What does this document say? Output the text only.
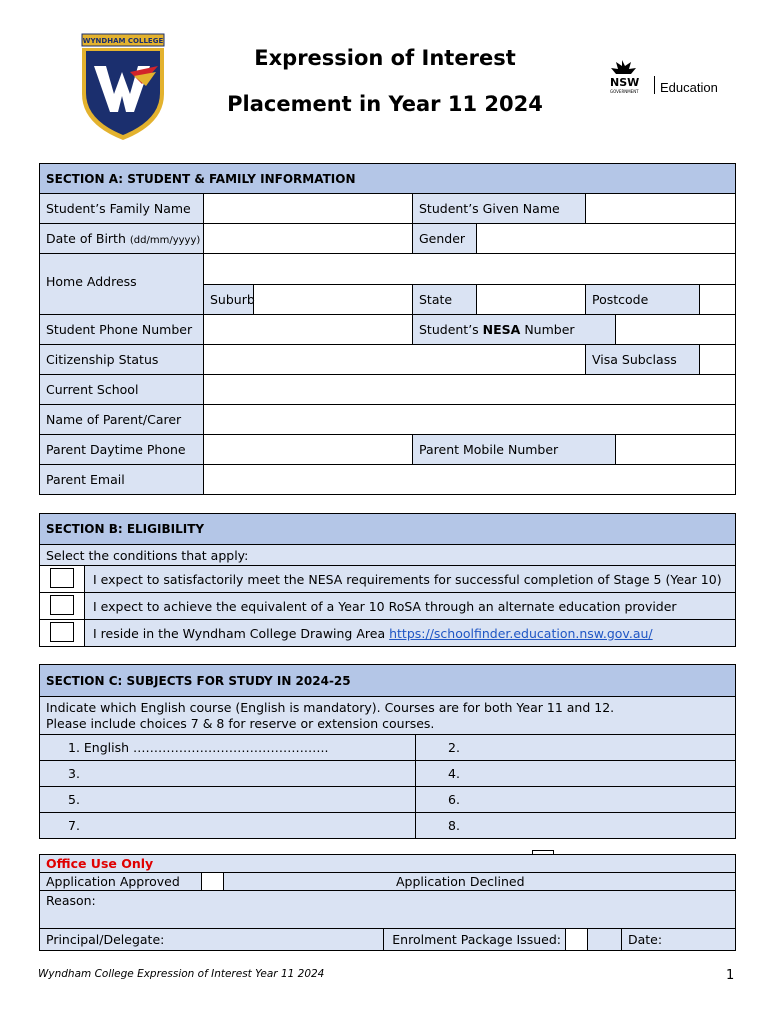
WYNDHAM COLLEGE
Expression of Interest
Placement in Year 11 2024
NSW
GOVERNMENT Education
SECTION A: STUDENT & FAMILY INFORMATION							
Student’s Family Name			Student’s Given Name				
Date of Birth (dd/mm/yyyy)			Gender				
Home Address							
	Suburb		State		Postcode		
Student Phone Number			Student’s NESA Number				
Citizenship Status					Visa Subclass		
Current School							
Name of Parent/Carer							
Parent Daytime Phone			Parent Mobile Number				
Parent Email							
SECTION B: ELIGIBILITY	
Select the conditions that apply:	
	I expect to satisfactorily meet the NESA requirements for successful completion of Stage 5 (Year 10)
	I expect to achieve the equivalent of a Year 10 RoSA through an alternate education provider
	I reside in the Wyndham College Drawing Area https://schoolfinder.education.nsw.gov.au/
SECTION C: SUBJECTS FOR STUDY IN 2024-25	

Indicate which English course (English is mandatory). Courses are for both Year 11 and 12.
Please include choices 7 & 8 for reserve or extension courses.	

1. English ………………………………………..	2.
3.	4.
5.	6.
7.	8.
Office Use Only						
Application Approved		Application Declined				
Reason:						
Principal/Delegate:			Enrolment Package Issued:			Date:
Wyndham College Expression of Interest Year 11 2024	1
